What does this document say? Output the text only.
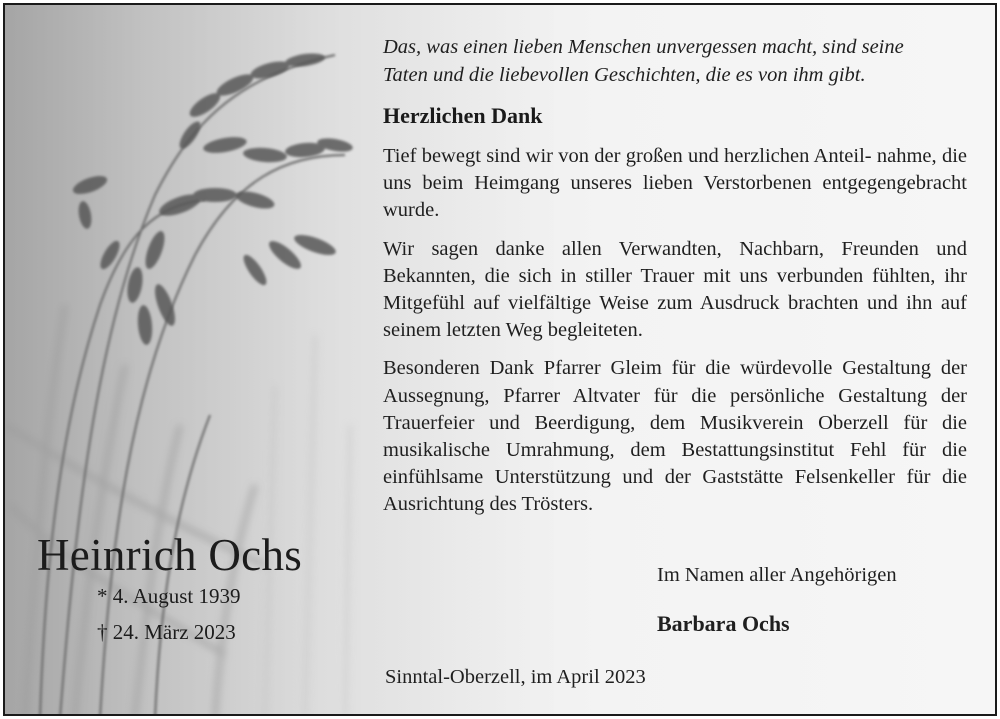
Das, was einen lieben Menschen unvergessen macht, sind seine
Taten und die liebevollen Geschichten, die es von ihm gibt.

Herzlichen Dank

Tief bewegt sind wir von der großen und herzlichen Anteil- nahme, die uns beim Heimgang unseres lieben Verstorbenen entgegengebracht wurde.

Wir sagen danke allen Verwandten, Nachbarn, Freunden und Bekannten, die sich in stiller Trauer mit uns verbunden fühlten, ihr Mitgefühl auf vielfältige Weise zum Ausdruck brachten und ihn auf seinem letzten Weg begleiteten.

Besonderen Dank Pfarrer Gleim für die würdevolle Gestaltung der Aussegnung, Pfarrer Altvater für die persönliche Gestaltung der Trauerfeier und Beerdigung, dem Musikverein Oberzell für die musikalische Umrahmung, dem Bestattungsinstitut Fehl für die einfühlsame Unterstützung und der Gaststätte Felsenkeller für die Ausrichtung des Trösters.

Im Namen aller Angehörigen
Barbara Ochs
Sinntal-Oberzell, im April 2023
Heinrich Ochs
* 4. August 1939
† 24. März 2023
